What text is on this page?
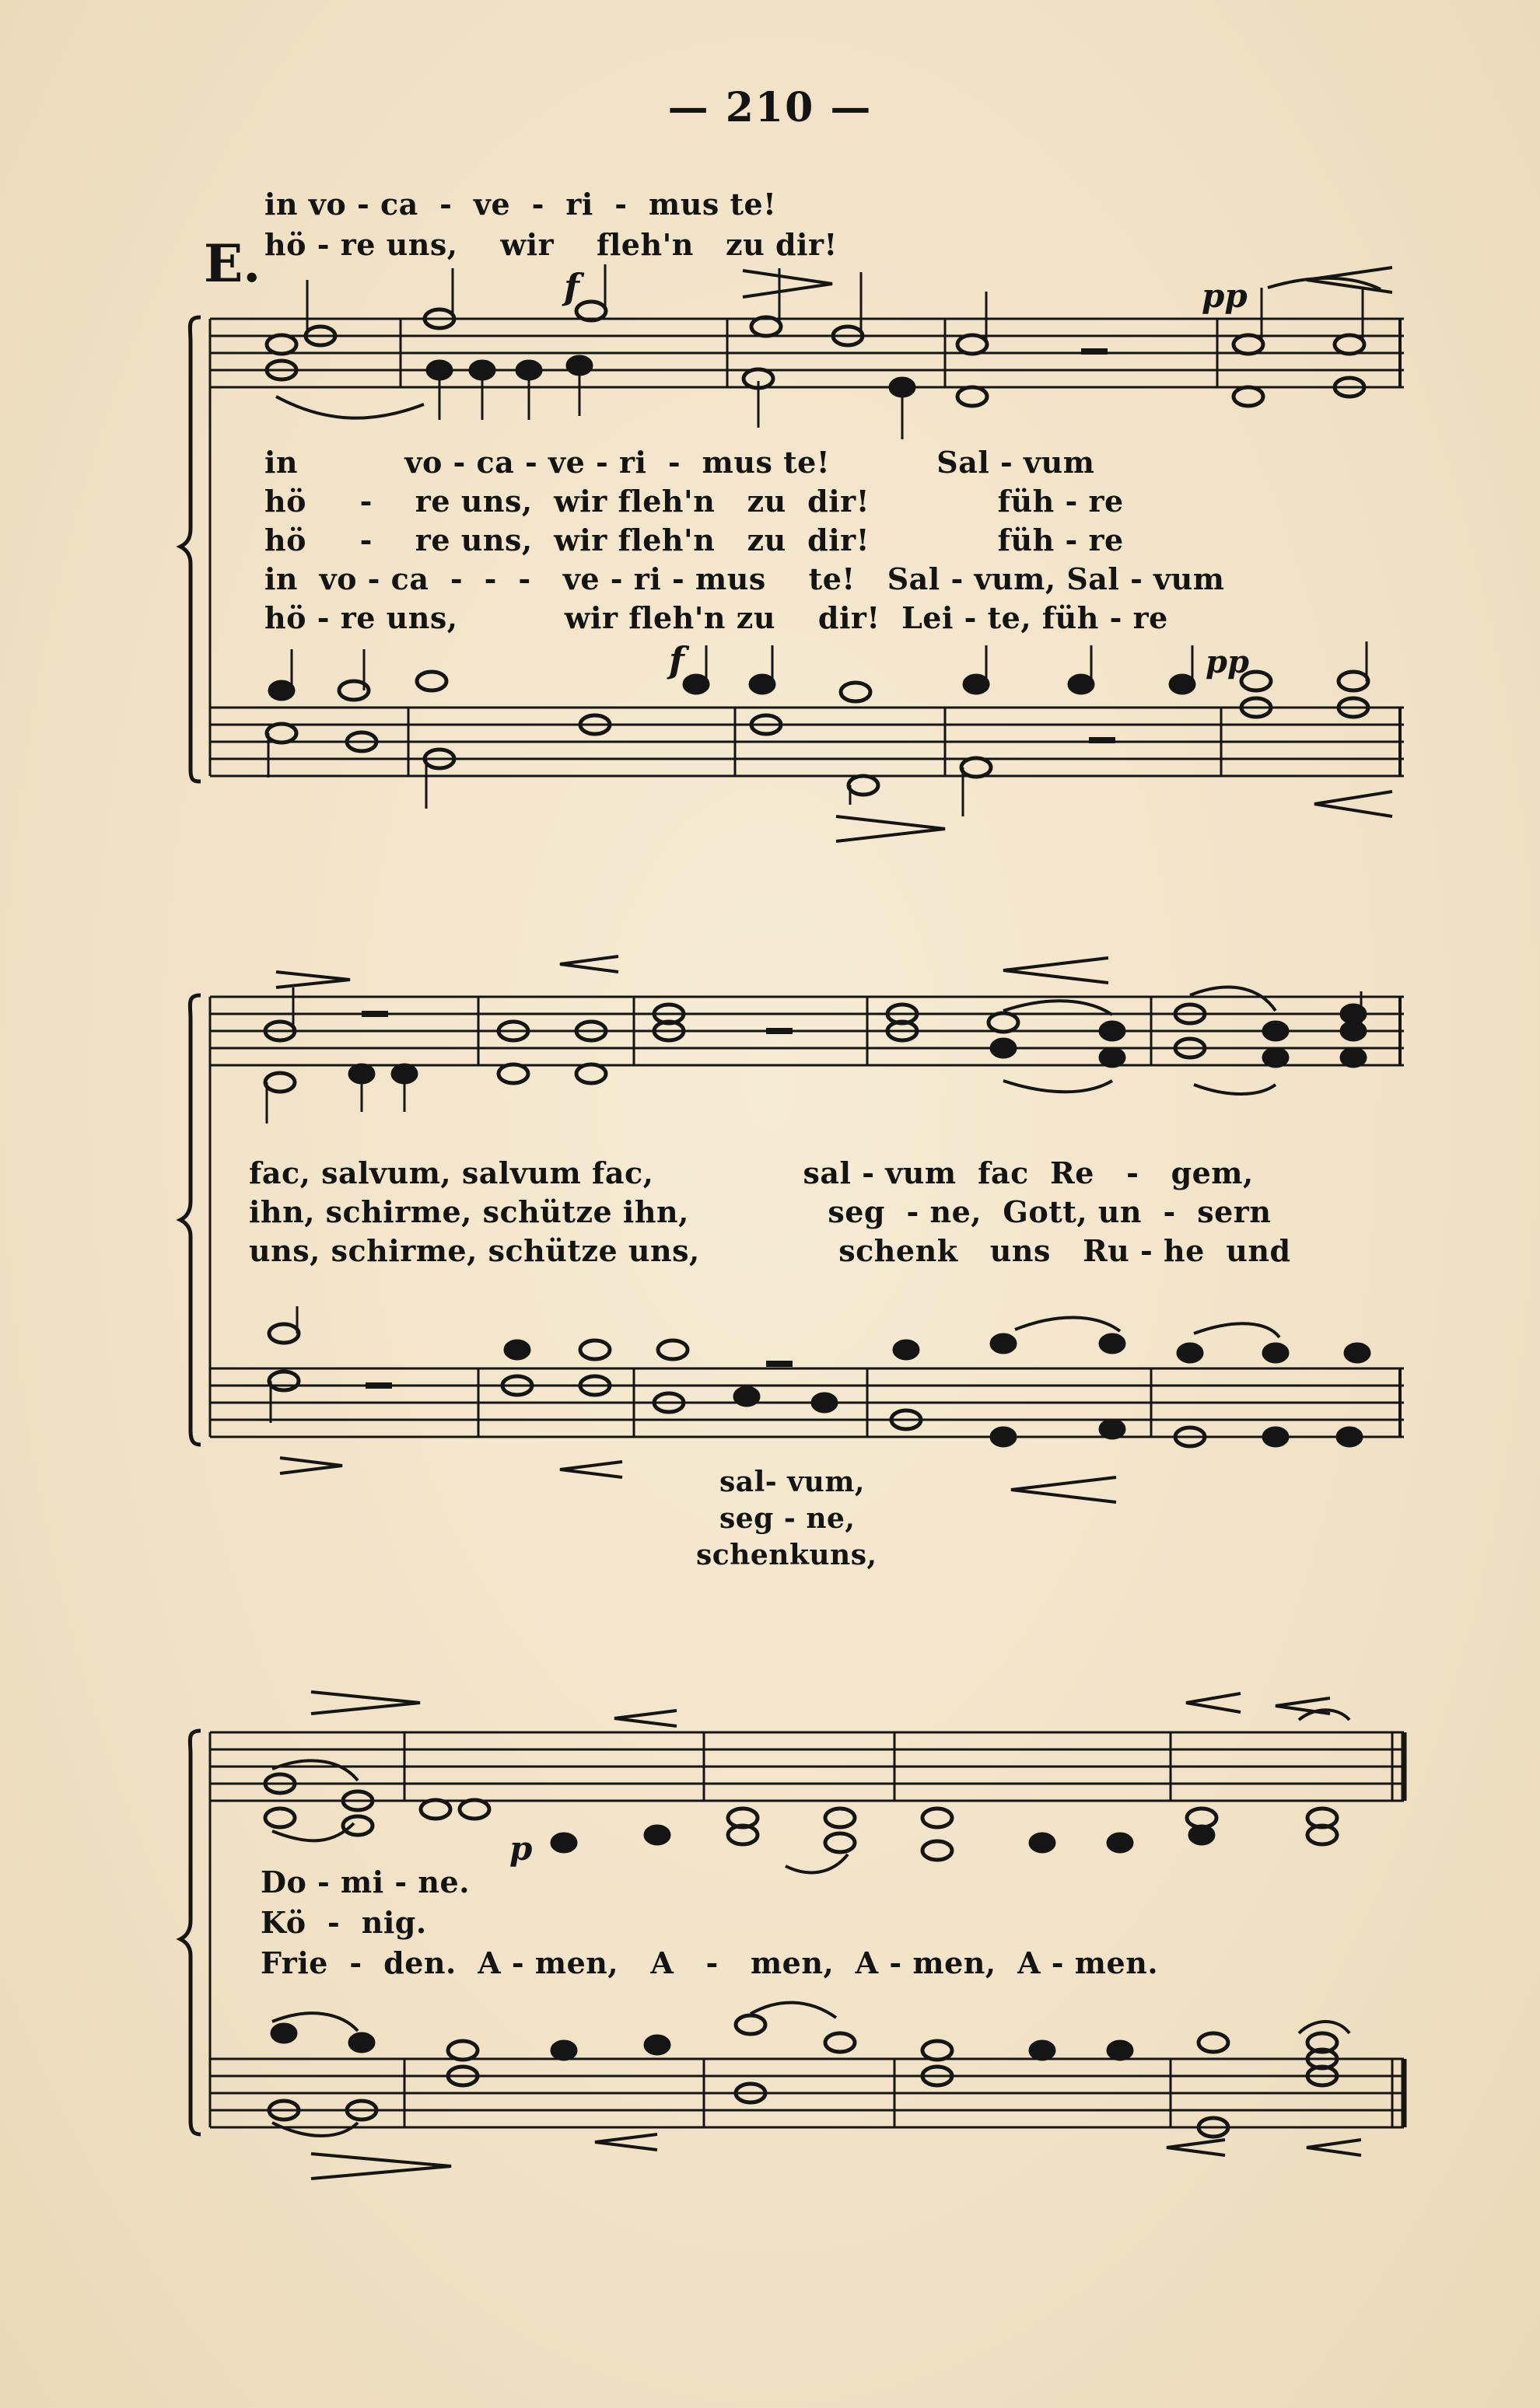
— 210 —
E.	f	pp
f	pp
p
in vo - ca  -  ve  -  ri  -  mus te!
hö - re uns,    wir    fleh'n   zu dir!
in          vo - ca - ve - ri  -  mus te!          Sal - vum
hö     -    re uns,  wir fleh'n   zu  dir!            füh - re
hö     -    re uns,  wir fleh'n   zu  dir!            füh - re
in  vo - ca  -  -  -   ve - ri - mus    te!   Sal - vum, Sal - vum
hö - re uns,          wir fleh'n zu    dir!  Lei - te, füh - re
fac, salvum, salvum fac,              sal - vum  fac  Re   -   gem,
ihn, schirme, schütze ihn,             seg  - ne,  Gott, un  -  sern
uns, schirme, schütze uns,             schenk   uns   Ru - he  und
sal- vum,
seg - ne,
schenkuns,
Do - mi - ne.
Kö  -  nig.
Frie  -  den.  A - men,   A   -   men,  A - men,  A - men.
